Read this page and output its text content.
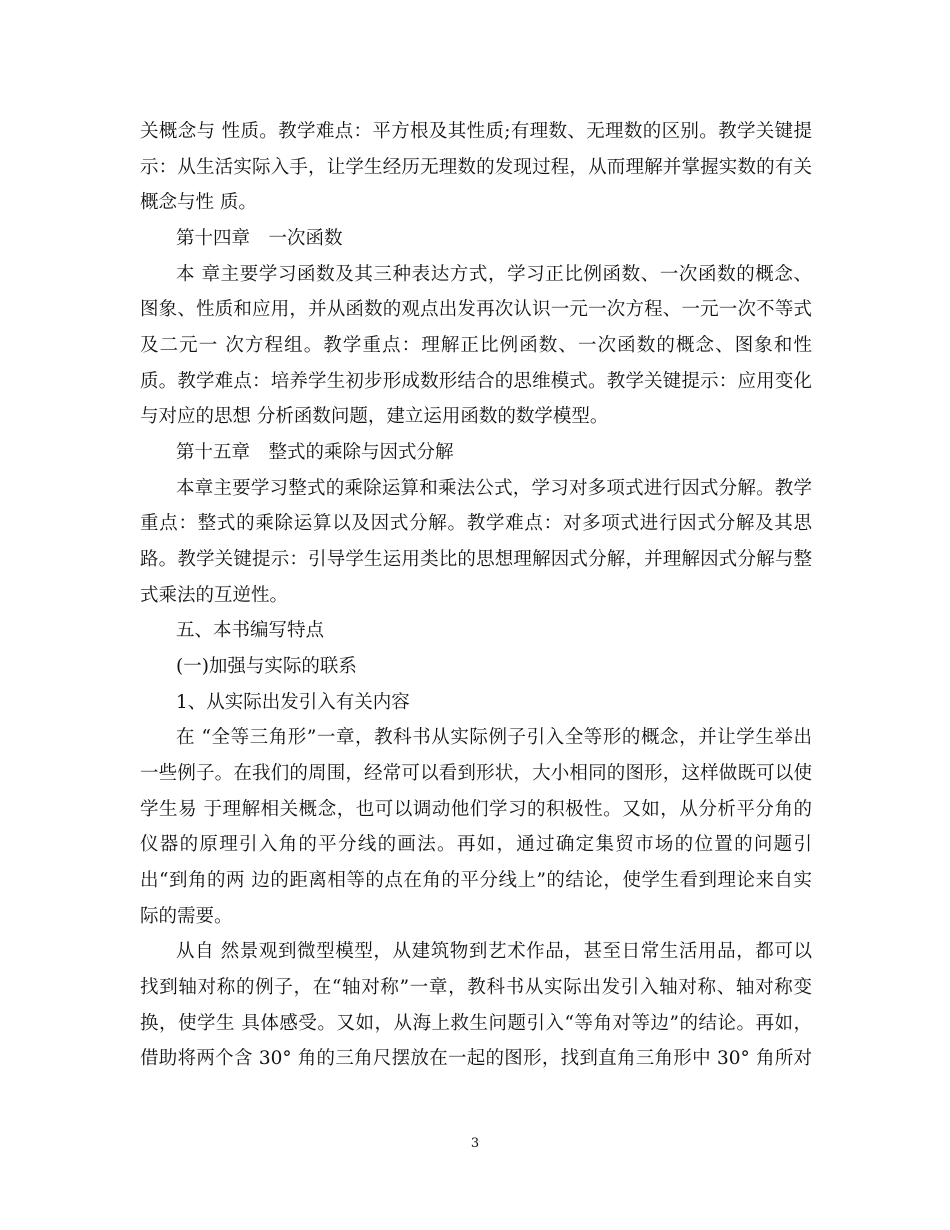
关概念与 性质。教学难点：平方根及其性质;有理数、无理数的区别。教学关键提
示：从生活实际入手，让学生经历无理数的发现过程，从而理解并掌握实数的有关
概念与性 质。
第十四章　一次函数
本 章主要学习函数及其三种表达方式，学习正比例函数、一次函数的概念、
图象、性质和应用，并从函数的观点出发再次认识一元一次方程、一元一次不等式
及二元一 次方程组。教学重点：理解正比例函数、一次函数的概念、图象和性
质。教学难点：培养学生初步形成数形结合的思维模式。教学关键提示：应用变化
与对应的思想 分析函数问题，建立运用函数的数学模型。
第十五章　整式的乘除与因式分解
本章主要学习整式的乘除运算和乘法公式，学习对多项式进行因式分解。教学
重点：整式的乘除运算以及因式分解。教学难点：对多项式进行因式分解及其思
路。教学关键提示：引导学生运用类比的思想理解因式分解，并理解因式分解与整
式乘法的互逆性。
五、本书编写特点
(一)加强与实际的联系
1、从实际出发引入有关内容
在 “全等三角形”一章，教科书从实际例子引入全等形的概念，并让学生举出
一些例子。在我们的周围，经常可以看到形状，大小相同的图形，这样做既可以使
学生易 于理解相关概念，也可以调动他们学习的积极性。又如，从分析平分角的
仪器的原理引入角的平分线的画法。再如，通过确定集贸市场的位置的问题引
出“到角的两 边的距离相等的点在角的平分线上”的结论，使学生看到理论来自实
际的需要。
从自 然景观到微型模型，从建筑物到艺术作品，甚至日常生活用品，都可以
找到轴对称的例子，在“轴对称”一章，教科书从实际出发引入轴对称、轴对称变
换，使学生 具体感受。又如，从海上救生问题引入“等角对等边”的结论。再如，
借助将两个含 30° 角的三角尺摆放在一起的图形，找到直角三角形中 30° 角所对
3
